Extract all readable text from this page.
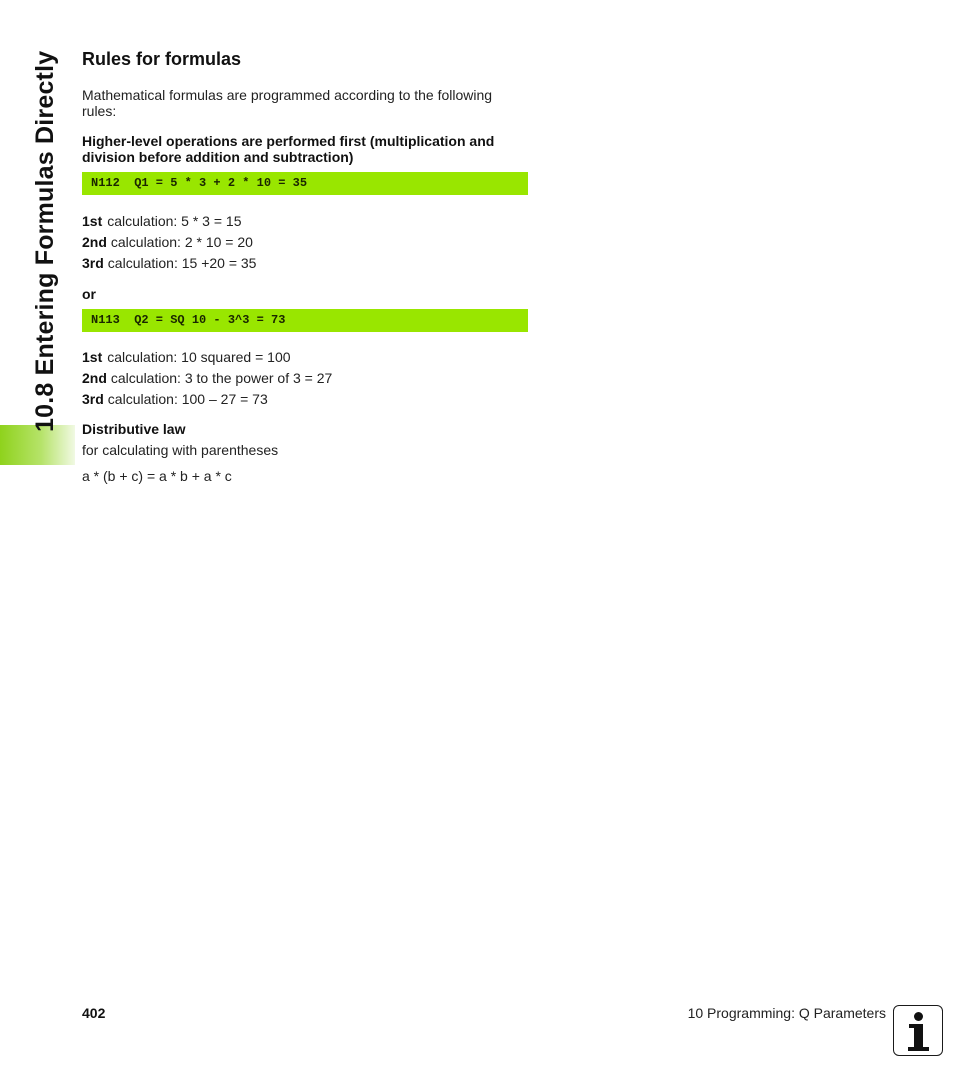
10.8 Entering Formulas Directly Rules for formulas
Mathematical formulas are programmed according to the following rules:
Higher-level operations are performed first (multiplication and division before addition and subtraction)
N112  Q1 = 5 * 3 + 2 * 10 = 35
1st calculation: 5 * 3 = 15
2nd calculation: 2 * 10 = 20
3rd calculation: 15 +20 = 35
or
N113  Q2 = SQ 10 - 3^3 = 73
1st calculation: 10 squared = 100
2nd calculation: 3 to the power of 3 = 27
3rd calculation: 100 – 27 = 73
Distributive law
for calculating with parentheses
a * (b + c) = a * b + a * c
402	10 Programming: Q Parameters
